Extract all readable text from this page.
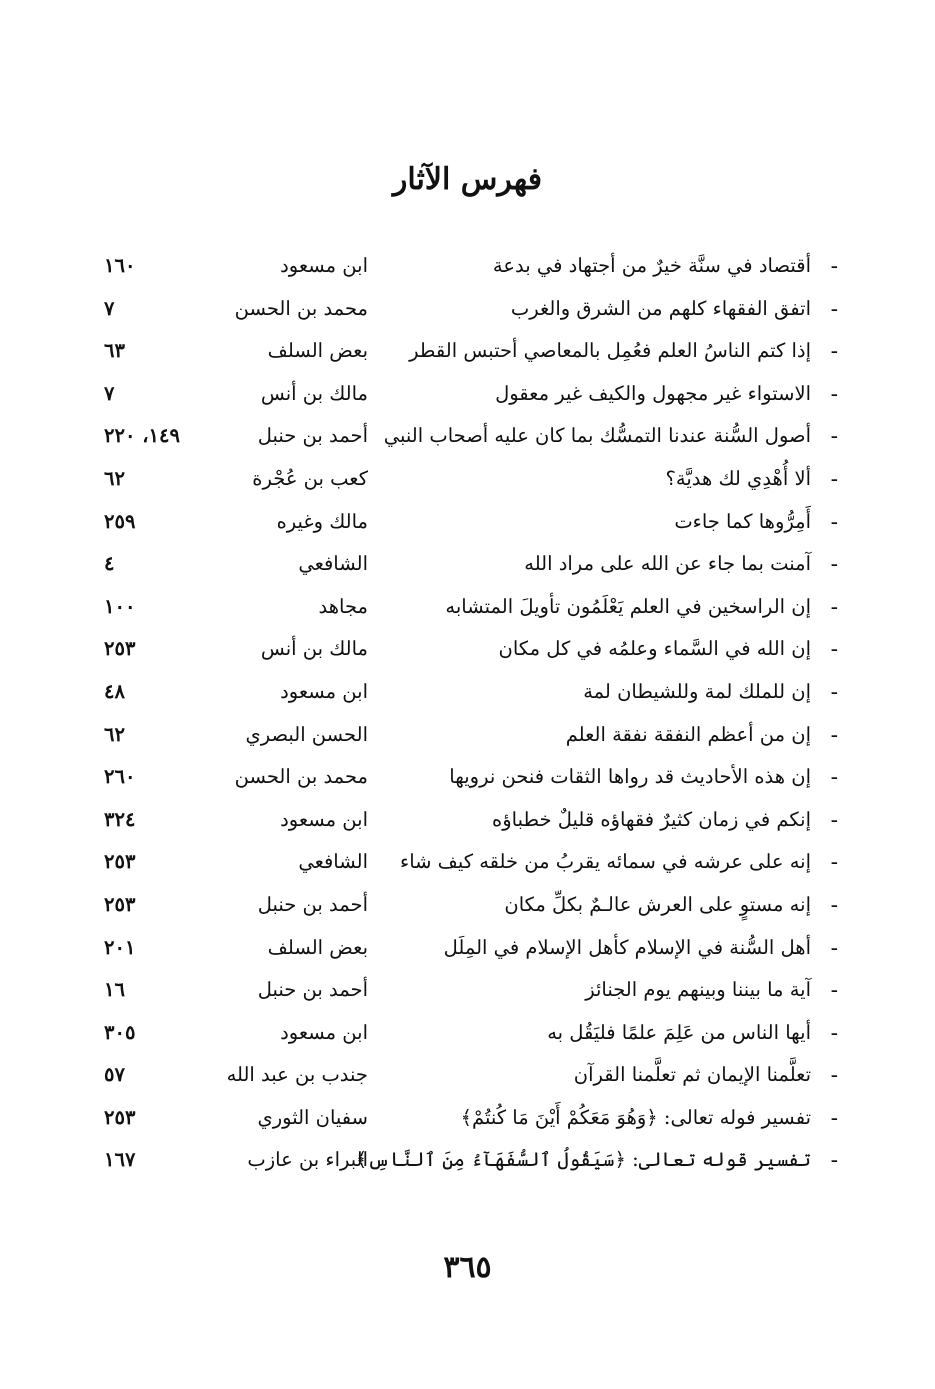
فهرس الآثار
-
أقتصاد في سنَّة خيرٌ من أجتهاد في بدعة
ابن مسعود
١٦٠
-
اتفق الفقهاء كلهم من الشرق والغرب
محمد بن الحسن
٧
-
إذا كتم الناسُ العلم فعُمِل بالمعاصي أحتبس القطر
بعض السلف
٦٣
-
الاستواء غير مجهول والكيف غير معقول
مالك بن أنس
٧
-
أصول السُّنة عندنا التمسُّك بما كان عليه أصحاب النبي
أحمد بن حنبل
١٤٩، ٢٢٠
-
ألا أُهْدِي لك هديَّة؟
كعب بن عُجْرة
٦٢
-
أَمِرُّوها كما جاءت
مالك وغيره
٢٥٩
-
آمنت بما جاء عن الله على مراد الله
الشافعي
٤
-
إن الراسخين في العلم يَعْلَمُون تأويلَ المتشابه
مجاهد
١٠٠
-
إن الله في السَّماء وعلمُه في كل مكان
مالك بن أنس
٢٥٣
-
إن للملك لمة وللشيطان لمة
ابن مسعود
٤٨
-
إن من أعظم النفقة نفقة العلم
الحسن البصري
٦٢
-
إن هذه الأحاديث قد رواها الثقات فنحن نرويها
محمد بن الحسن
٢٦٠
-
إنكم في زمان كثيرٌ فقهاؤه قليلٌ خطباؤه
ابن مسعود
٣٢٤
-
إنه على عرشه في سمائه يقربُ من خلقه كيف شاء
الشافعي
٢٥٣
-
إنه مستوٍ على العرش عالـمٌ بكلِّ مكان
أحمد بن حنبل
٢٥٣
-
أهل السُّنة في الإسلام كأهل الإسلام في المِلَل
بعض السلف
٢٠١
-
آية ما بيننا وبينهم يوم الجنائز
أحمد بن حنبل
١٦
-
أيها الناس من عَلِمَ علمًا فليَقُل به
ابن مسعود
٣٠٥
-
تعلَّمنا الإيمان ثم تعلَّمنا القرآن
جندب بن عبد الله
٥٧
-
تفسير فوله تعالى: ﴿وَهُوَ مَعَكُمْ أَيْنَ مَا كُنتُمْ﴾
سفيان الثوري
٢٥٣
-
تفسير قوله تعالى: ﴿سَيَقُولُ ٱلسُّفَهَآءُ مِنَ ٱلنَّاسِ﴾
البراء بن عازب
١٦٧
٣٦٥
